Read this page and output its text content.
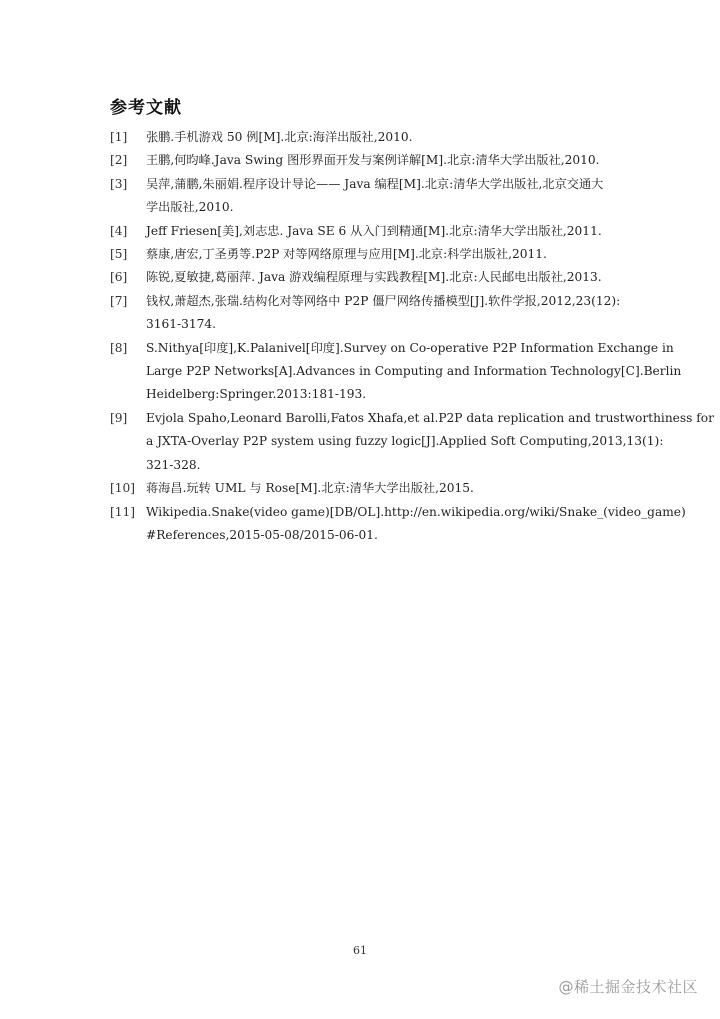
参考文献
[1]	张鹏.手机游戏 50 例[M].北京:海洋出版社,2010.
[2]	王鹏,何昀峰.Java Swing 图形界面开发与案例详解[M].北京:清华大学出版社,2010.
[3]	吴萍,蒲鹏,朱丽娟.程序设计导论—— Java 编程[M].北京:清华大学出版社,北京交通大
学出版社,2010.
[4]	Jeff Friesen[美],刘志忠. Java SE 6 从入门到精通[M].北京:清华大学出版社,2011.
[5]	蔡康,唐宏,丁圣勇等.P2P 对等网络原理与应用[M].北京:科学出版社,2011.
[6]	陈锐,夏敏捷,葛丽萍. Java 游戏编程原理与实践教程[M].北京:人民邮电出版社,2013.
[7]	钱权,萧超杰,张瑞.结构化对等网络中 P2P 僵尸网络传播模型[J].软件学报,2012,23(12):
3161-3174.
[8]	S.Nithya[印度],K.Palanivel[印度].Survey on Co-operative P2P Information Exchange in
Large P2P Networks[A].Advances in Computing and Information Technology[C].Berlin
Heidelberg:Springer.2013:181-193.
[9]	Evjola Spaho,Leonard Barolli,Fatos Xhafa,et al.P2P data replication and trustworthiness for
a JXTA-Overlay P2P system using fuzzy logic[J].Applied Soft Computing,2013,13(1):
321-328.
[10] 蒋海昌.玩转 UML 与 Rose[M].北京:清华大学出版社,2015.
[11] Wikipedia.Snake(video game)[DB/OL].http://en.wikipedia.org/wiki/Snake_(video_game)
#References,2015-05-08/2015-06-01.
61
@稀土掘金技术社区
